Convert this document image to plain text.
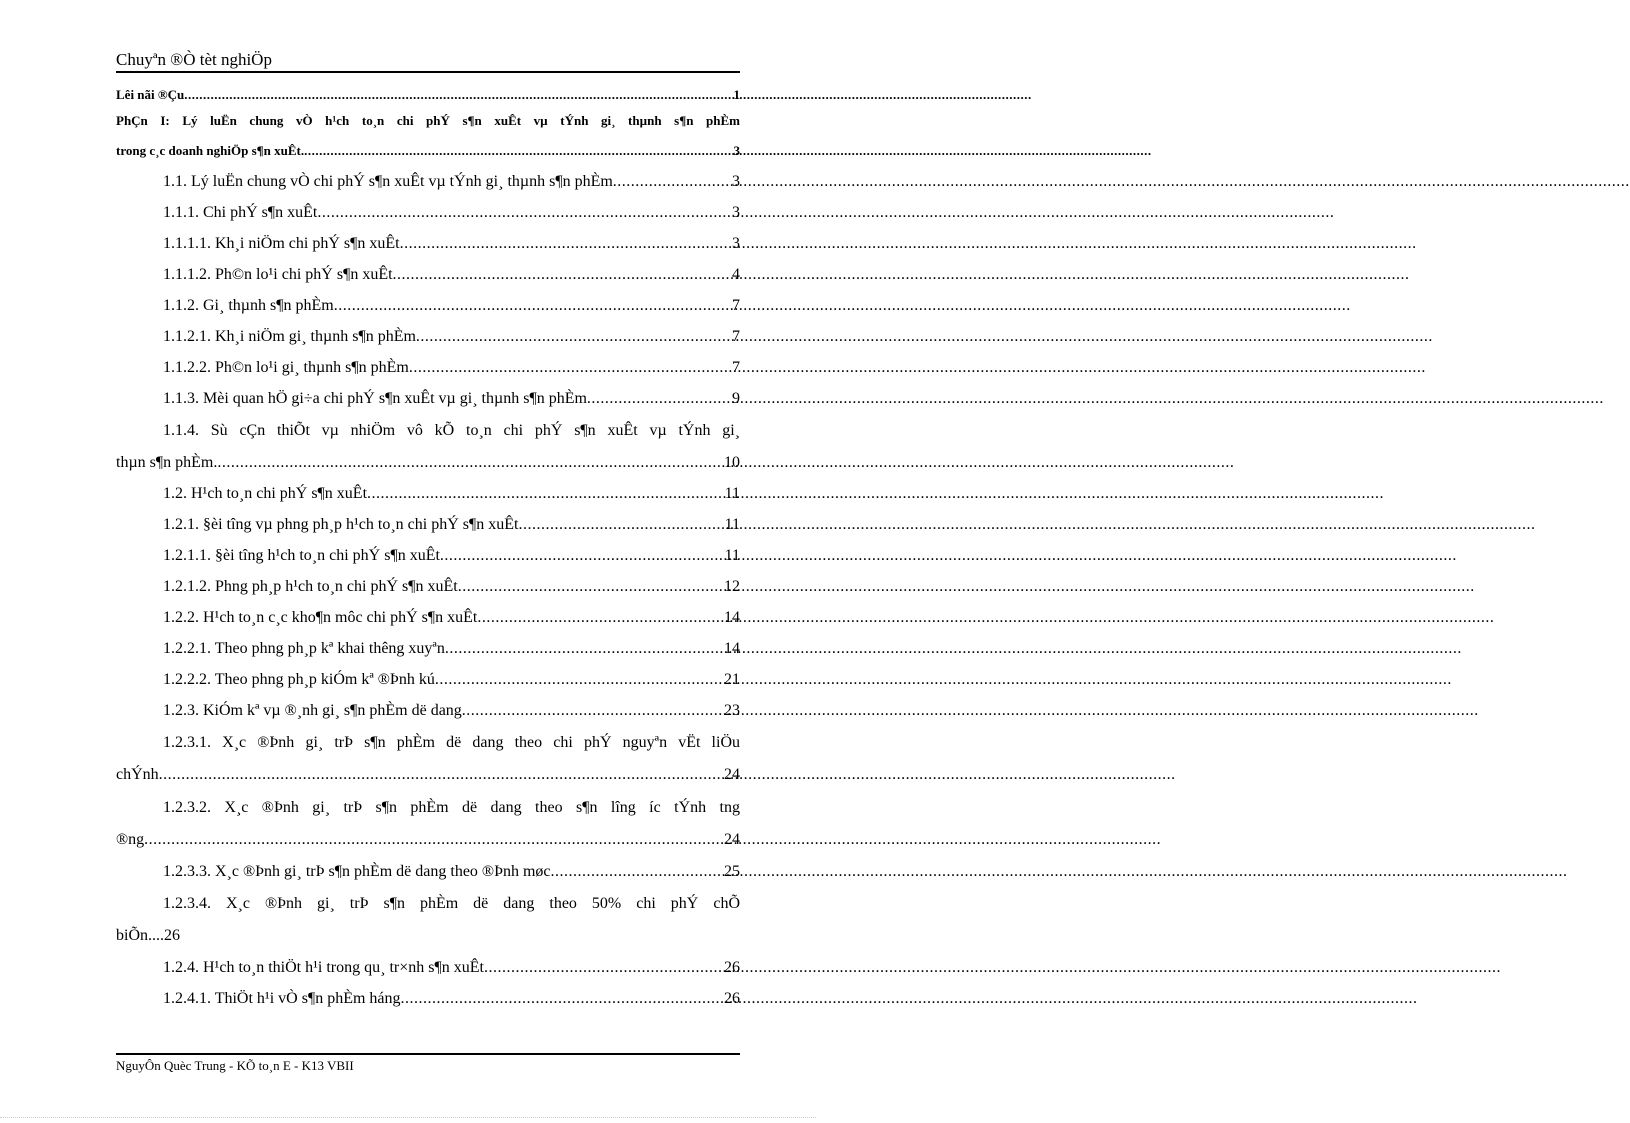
Chuyªn ®Ò tèt nghiÖp
Lêi nãi ®Çu .....	1
PhÇn I: Lý luËn chung vÒ h¹ch to¸n chi phÝ s¶n xuÊt vµ tÝnh gi¸ thµnh s¶n phÈm
trong c¸c doanh nghiÖp s¶n xuÊt. .....	3
1.1. Lý luËn chung vÒ chi phÝ s¶n xuÊt vµ tÝnh gi¸ thµnh s¶n phÈm .....	3
1.1.1. Chi phÝ s¶n xuÊt .....	3
1.1.1.1. Kh¸i niÖm chi phÝ s¶n xuÊt .....	3
1.1.1.2. Ph©n lo¹i chi phÝ s¶n xuÊt .....	4
1.1.2. Gi¸ thµnh s¶n phÈm .....	7
1.1.2.1. Kh¸i niÖm gi¸ thµnh s¶n phÈm .....	7
1.1.2.2. Ph©n lo¹i gi¸ thµnh s¶n phÈm .....	7
1.1.3. Mèi quan hÖ gi÷a chi phÝ s¶n xuÊt vµ gi¸ thµnh s¶n phÈm .....	9
1.1.4. Sù cÇn thiÕt vµ nhiÖm vô kÕ to¸n chi phÝ s¶n xuÊt vµ tÝnh gi¸
thµn s¶n phÈm. .....	10
1.2. H¹ch to¸n chi phÝ s¶n xuÊt .....	11
1.2.1. §èi tîng vµ phng ph¸p h¹ch to¸n chi phÝ s¶n xuÊt .....	11
1.2.1.1. §èi tîng h¹ch to¸n chi phÝ s¶n xuÊt .....	11
1.2.1.2. Phng ph¸p h¹ch to¸n chi phÝ s¶n xuÊt .....	12
1.2.2. H¹ch to¸n c¸c kho¶n môc chi phÝ s¶n xuÊt .....	14
1.2.2.1. Theo phng ph¸p kª khai thêng xuyªn .....	14
1.2.2.2. Theo phng ph¸p kiÓm kª ®Þnh kú .....	21
1.2.3. KiÓm kª vµ ®¸nh gi¸ s¶n phÈm dë dang .....	23
1.2.3.1. X¸c ®Þnh gi¸ trÞ s¶n phÈm dë dang theo chi phÝ nguyªn vËt liÖu
chÝnh .....	24
1.2.3.2. X¸c ®Þnh gi¸ trÞ s¶n phÈm dë dang theo s¶n lîng íc tÝnh tng
®ng .....	24
1.2.3.3. X¸c ®Þnh gi¸ trÞ s¶n phÈm dë dang theo ®Þnh møc .....	25
1.2.3.4. X¸c ®Þnh gi¸ trÞ s¶n phÈm dë dang theo 50% chi phÝ chÕ
biÕn....26
1.2.4. H¹ch to¸n thiÖt h¹i trong qu¸ tr×nh s¶n xuÊt .....	26
1.2.4.1. ThiÖt h¹i vÒ s¶n phÈm háng .....	26
NguyÔn Quèc Trung - KÕ to¸n E - K13 VBII
